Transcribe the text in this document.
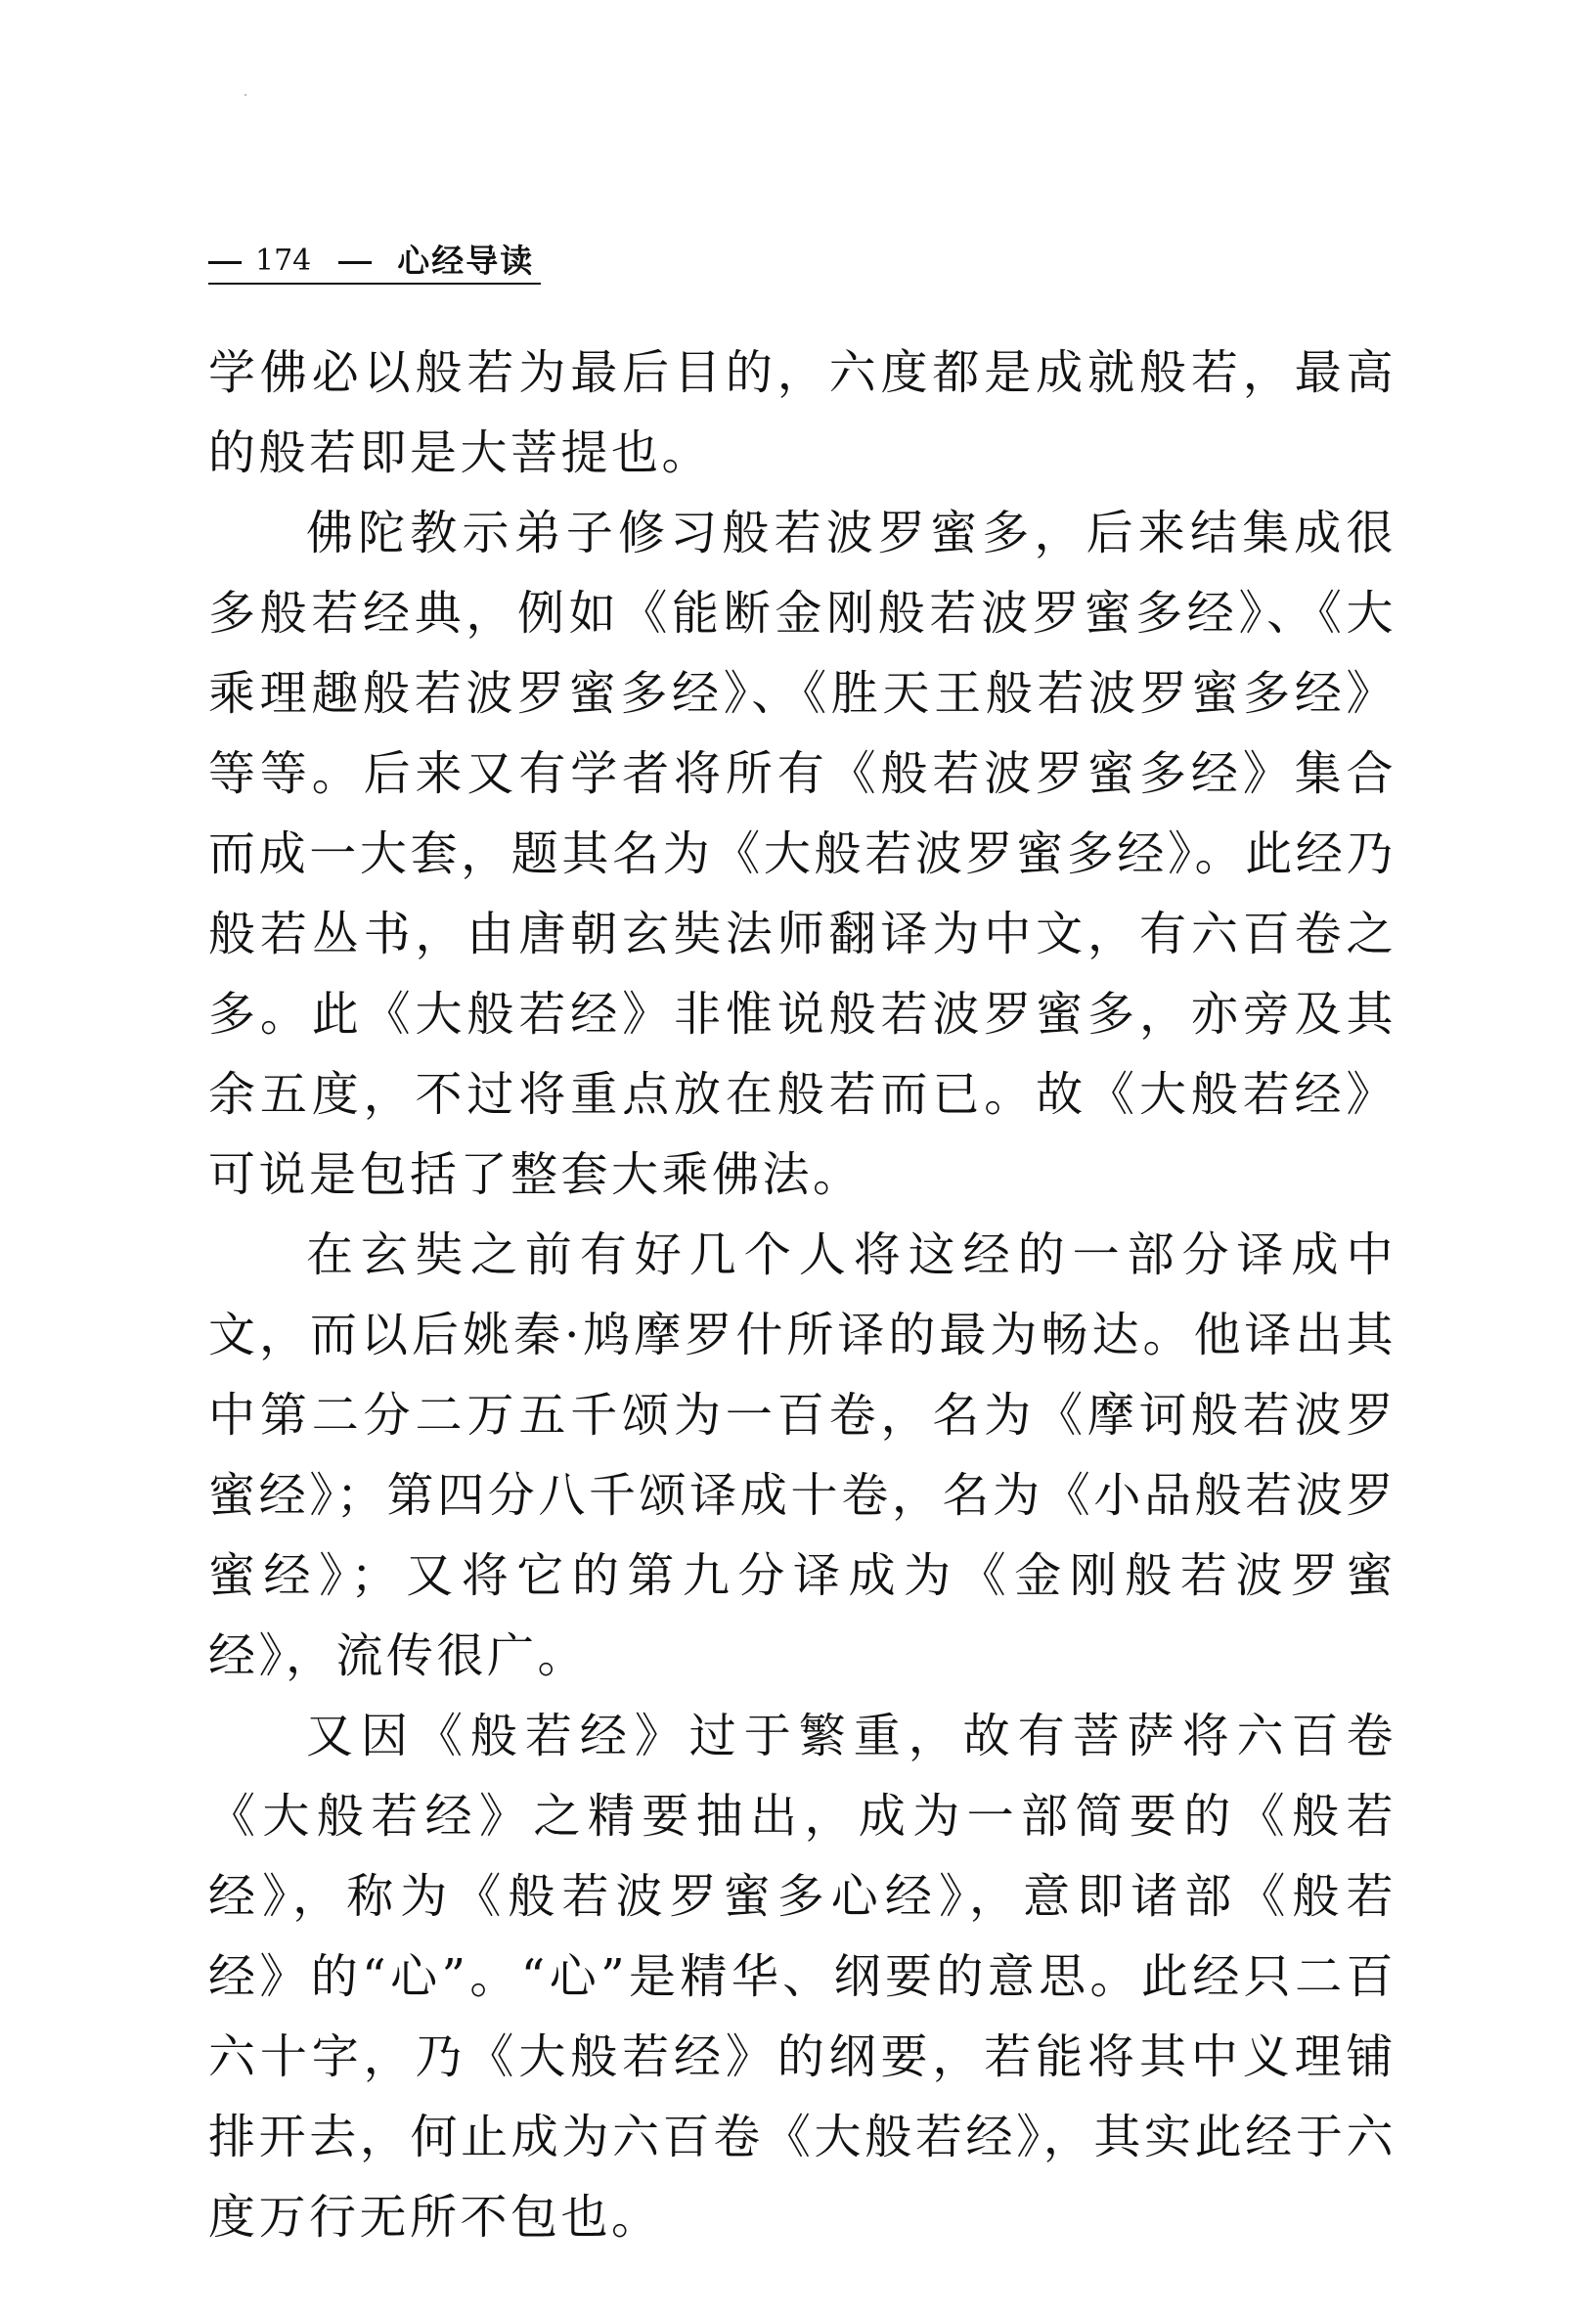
174	心经导读

学佛必以般若为最后目的，六度都是成就般若，最高的般若即是大菩提也。

佛陀教示弟子修习般若波罗蜜多，后来结集成很多般若经典，例如《能断金刚般若波罗蜜多经》、《大乘理趣般若波罗蜜多经》、《胜天王般若波罗蜜多经》等等。后来又有学者将所有《般若波罗蜜多经》集合而成一大套，题其名为《大般若波罗蜜多经》。此经乃般若丛书，由唐朝玄奘法师翻译为中文，有六百卷之多。此《大般若经》非惟说般若波罗蜜多，亦旁及其余五度，不过将重点放在般若而已。故《大般若经》可说是包括了整套大乘佛法。

在玄奘之前有好几个人将这经的一部分译成中文，而以后姚秦·鸠摩罗什所译的最为畅达。他译出其中第二分二万五千颂为一百卷，名为《摩诃般若波罗蜜经》；第四分八千颂译成十卷，名为《小品般若波罗蜜经》；又将它的第九分译成为《金刚般若波罗蜜经》，流传很广。

又因《般若经》过于繁重，故有菩萨将六百卷《大般若经》之精要抽出，成为一部简要的《般若经》，称为《般若波罗蜜多心经》，意即诸部《般若经》的“心”。“心”是精华、纲要的意思。此经只二百六十字，乃《大般若经》的纲要，若能将其中义理铺排开去，何止成为六百卷《大般若经》，其实此经于六度万行无所不包也。
